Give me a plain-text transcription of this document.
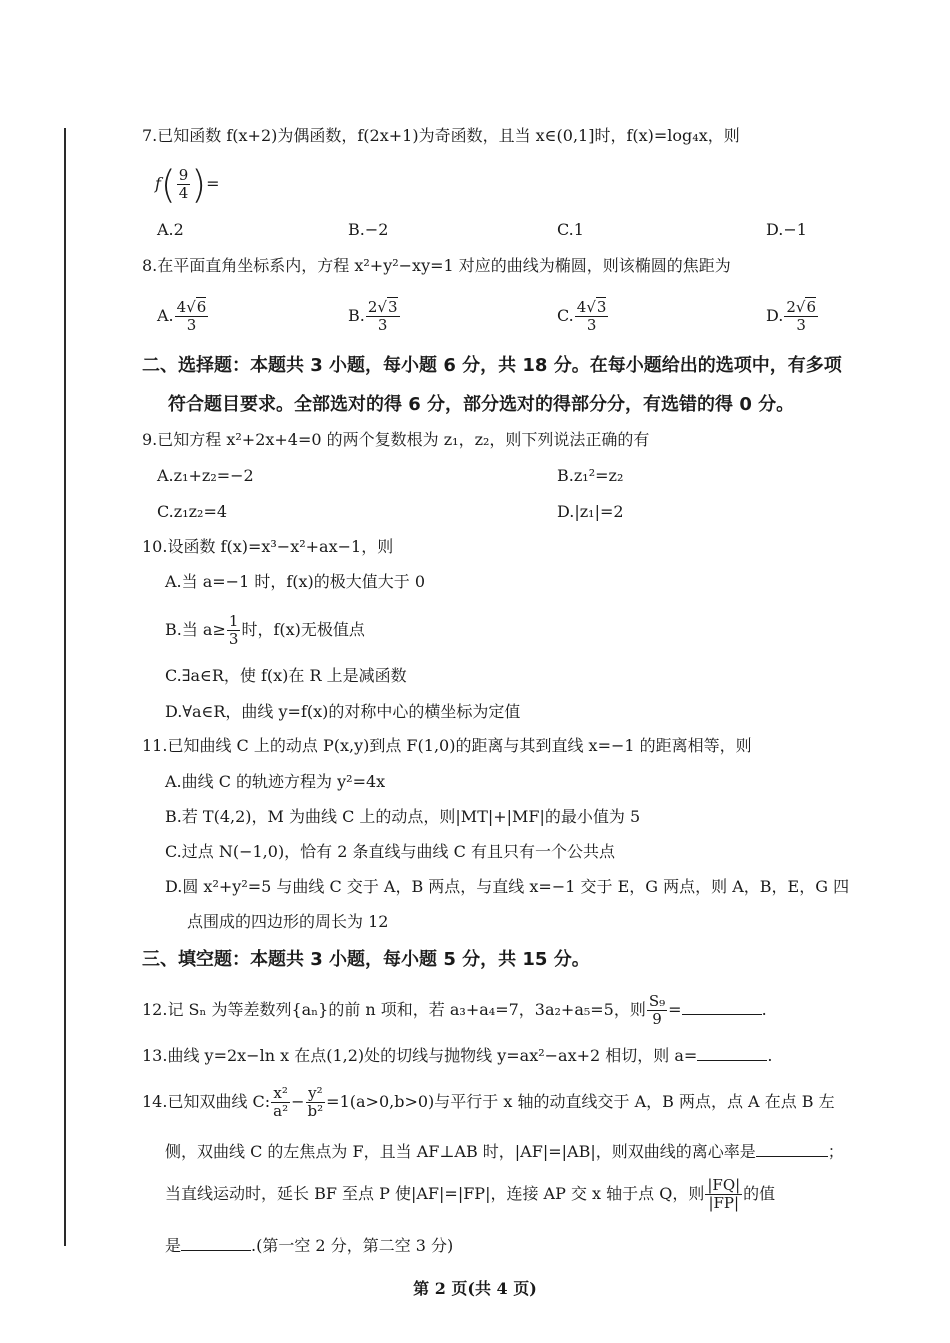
7.已知函数 f(x+2)为偶函数，f(2x+1)为奇函数，且当 x∈(0,1]时，f(x)=log₄x，则
$f( \frac{9}{4}$ )=
A.2	B.−2	C.1	D.−1
8.在平面直角坐标系内，方程 x²+y²−xy=1 对应的曲线为椭圆，则该椭圆的焦距为
A. $\frac{4√6}{3}$	B. $\frac{2√3}{3}$	C. $\frac{4√3}{3}$	D. $\frac{2√6}{3}$
二、选择题：本题共 3 小题，每小题 6 分，共 18 分。在每小题给出的选项中，有多项
符合题目要求。全部选对的得 6 分，部分选对的得部分分，有选错的得 0 分。
9.已知方程 x²+2x+4=0 的两个复数根为 z₁，z₂，则下列说法正确的有
A.z₁+z₂=−2	B.z₁²=z₂
C.z₁z₂=4	D.|z₁|=2
10.设函数 f(x)=x³−x²+ax−1，则
A.当 a=−1 时，f(x)的极大值大于 0
B.当 $a\ge \frac{1}{3}$ 时，f(x)无极值点
C.∃a∈R，使 f(x)在 R 上是减函数
D.∀a∈R，曲线 y=f(x)的对称中心的横坐标为定值
11.已知曲线 C 上的动点 P(x,y)到点 F(1,0)的距离与其到直线 x=−1 的距离相等，则
A.曲线 C 的轨迹方程为 y²=4x
B.若 T(4,2)，M 为曲线 C 上的动点，则|MT|+|MF|的最小值为 5
C.过点 N(−1,0)，恰有 2 条直线与曲线 C 有且只有一个公共点
D.圆 x²+y²=5 与曲线 C 交于 A，B 两点，与直线 x=−1 交于 E，G 两点，则 A，B，E，G 四
点围成的四边形的周长为 12
三、填空题：本题共 3 小题，每小题 5 分，共 15 分。
12.记 Sₙ 为等差数列{aₙ}的前 n 项和，若 a₃+a₄=7，3a₂+a₅=5，则 $\frac{\text{S₉}}{9}$ =	.
13.曲线 y=2x−ln x 在点(1,2)处的切线与抛物线 y=ax²−ax+2 相切，则 a=	.
14.已知双曲线 C: $\frac{\text{x²}}{\text{a²}} - \frac{\text{y²}}{\text{b²}} =1(a>0,b>0)$与平行于 x 轴的动直线交于 A，B 两点，点 A 在点 B 左
侧，双曲线 C 的左焦点为 F，且当 AF⊥AB 时，|AF|=|AB|，则双曲线的离心率是	；
当直线运动时，延长 BF 至点 P 使|AF|=|FP|，连接 AP 交 x 轴于点 Q，则 $\frac{|FQ|}{|FP|}$ 的值
是	.(第一空 2 分，第二空 3 分)
第 2 页(共 4 页)
